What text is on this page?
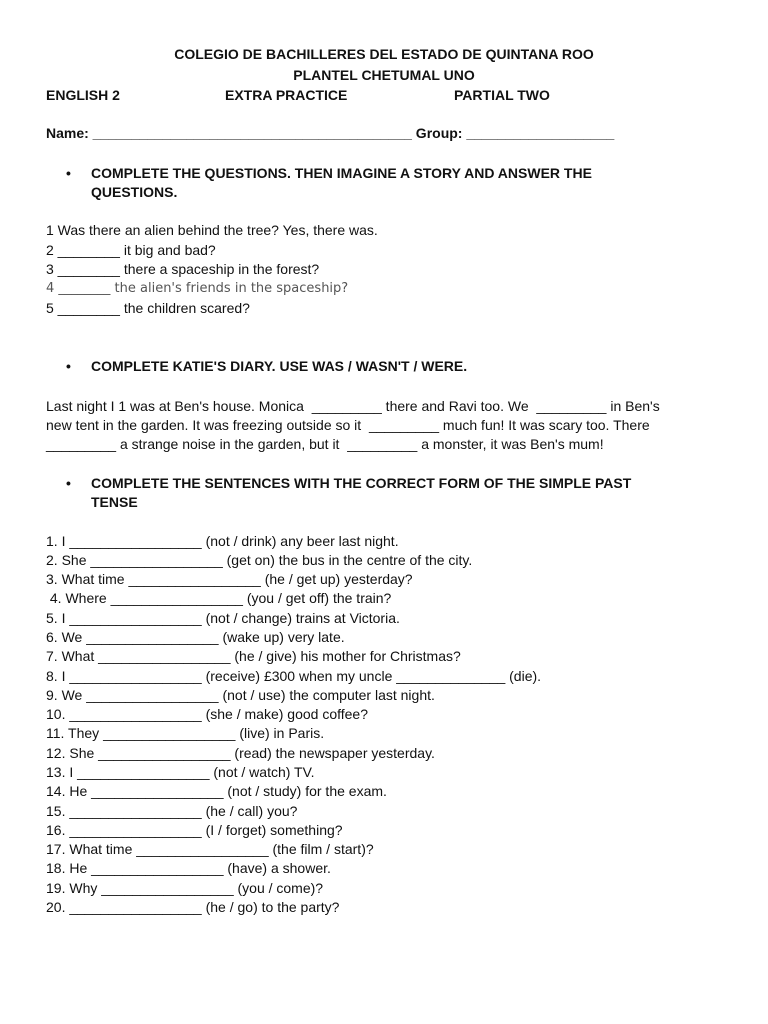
COLEGIO DE BACHILLERES DEL ESTADO DE QUINTANA ROO
PLANTEL CHETUMAL UNO
ENGLISH 2	EXTRA PRACTICE	PARTIAL TWO
Name: _________________________________________ Group: ___________________
• COMPLETE THE QUESTIONS. THEN IMAGINE A STORY AND ANSWER THE
QUESTIONS.
1 Was there an alien behind the tree? Yes, there was.
2 ________ it big and bad?
3 ________ there a spaceship in the forest?
4 ________ the alien's friends in the spaceship?
5 ________ the children scared?
• COMPLETE KATIE'S DIARY. USE WAS / WASN'T / WERE.
Last night I 1 was at Ben's house. Monica  _________ there and Ravi too. We  _________ in Ben's
new tent in the garden. It was freezing outside so it  _________ much fun! It was scary too. There
_________ a strange noise in the garden, but it  _________ a monster, it was Ben's mum!
• COMPLETE THE SENTENCES WITH THE CORRECT FORM OF THE SIMPLE PAST
TENSE
1. I _________________ (not / drink) any beer last night.
2. She _________________ (get on) the bus in the centre of the city.
3. What time _________________ (he / get up) yesterday?
4. Where _________________ (you / get off) the train?
5. I _________________ (not / change) trains at Victoria.
6. We _________________ (wake up) very late.
7. What _________________ (he / give) his mother for Christmas?
8. I _________________ (receive) £300 when my uncle ______________ (die).
9. We _________________ (not / use) the computer last night.
10. _________________ (she / make) good coffee?
11. They _________________ (live) in Paris.
12. She _________________ (read) the newspaper yesterday.
13. I _________________ (not / watch) TV.
14. He _________________ (not / study) for the exam.
15. _________________ (he / call) you?
16. _________________ (I / forget) something?
17. What time _________________ (the film / start)?
18. He _________________ (have) a shower.
19. Why _________________ (you / come)?
20. _________________ (he / go) to the party?
